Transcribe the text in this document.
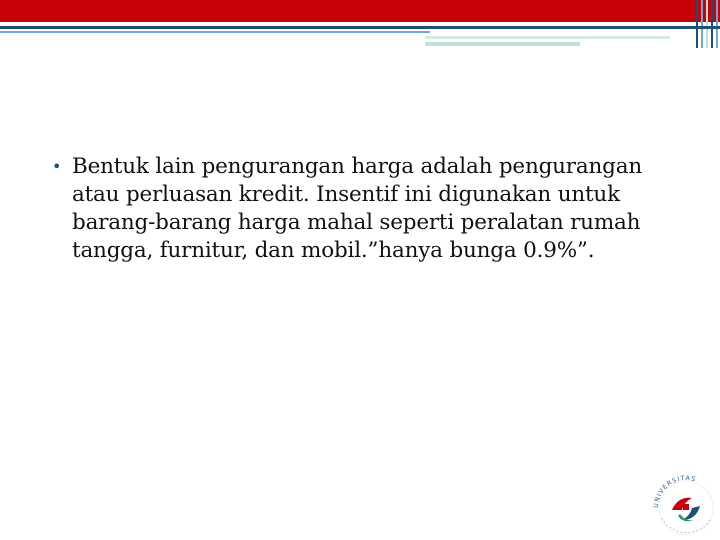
• Bentuk lain pengurangan harga adalah pengurangan atau perluasan kredit. Insentif ini digunakan untuk barang-barang harga mahal seperti peralatan rumah tangga, furnitur, dan mobil.”hanya bunga 0.9%”.
UNIVERSITAS
